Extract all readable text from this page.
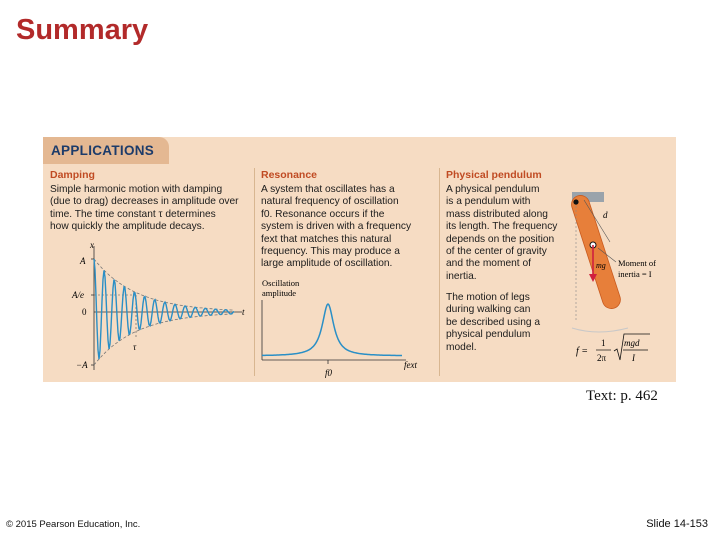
Summary
APPLICATIONS
Damping
Simple harmonic motion with damping
(due to drag) decreases in amplitude over
time. The time constant τ determines
how quickly the amplitude decays.
x
A
A/e
0
−A
t
τ
Resonance
A system that oscillates has a
natural frequency of oscillation
f0. Resonance occurs if the
system is driven with a frequency
fext that matches this natural
frequency. This may produce a
large amplitude of oscillation.
Oscillation
amplitude
fext
f0
Physical pendulum
A physical pendulum
is a pendulum with
mass distributed along
its length. The frequency
depends on the position
of the center of gravity
and the moment of
inertia.
The motion of legs
during walking can
be described using a
physical pendulum
model.
d
mg Moment of
inertia = I
f =
1
2π
mgd
I
Text: p. 462
© 2015 Pearson Education, Inc.	Slide 14-153
